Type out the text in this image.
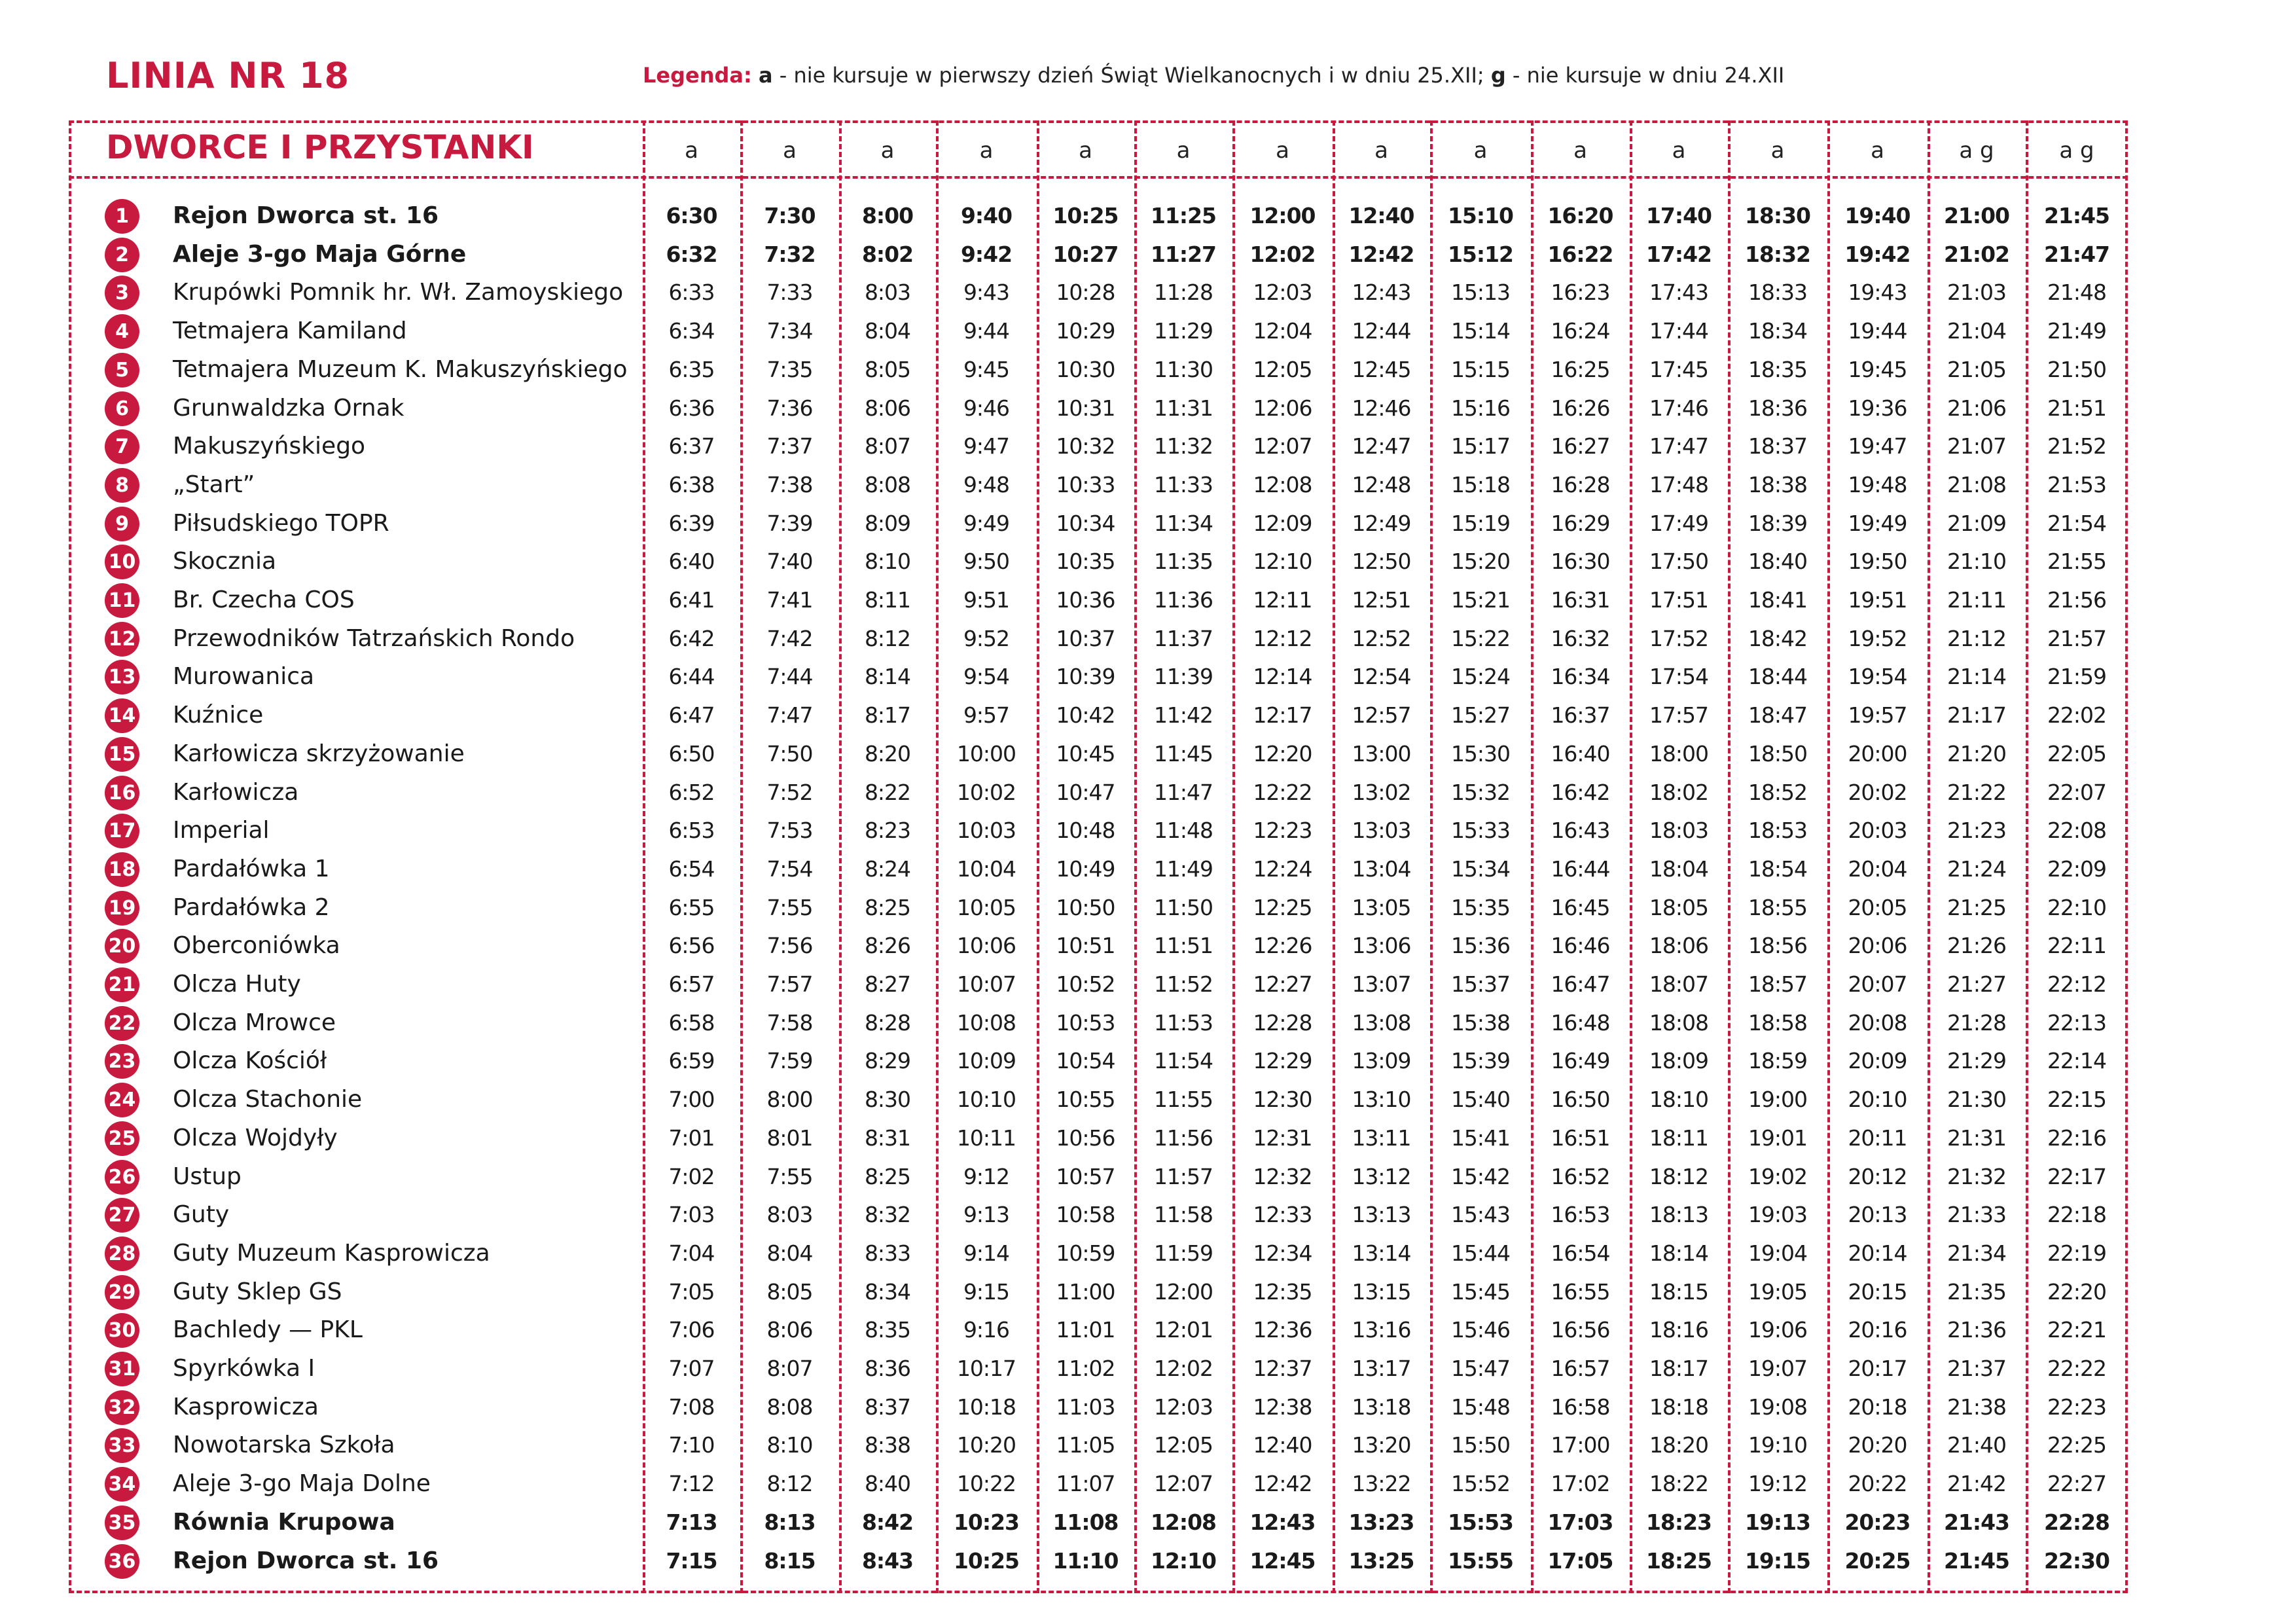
LINIA NR 18	Legenda: a - nie kursuje w pierwszy dzień Świąt Wielkanocnych i w dniu 25.XII; g - nie kursuje w dniu 24.XII
DWORCE I PRZYSTANKI	a	a	a	a	a	a	a	a	a	a	a	a	a	a g	a g
1	Rejon Dworca st. 16	6:30	7:30	8:00	9:40	10:25	11:25	12:00	12:40	15:10	16:20	17:40	18:30	19:40	21:00	21:45
2	Aleje 3-go Maja Górne	6:32	7:32	8:02	9:42	10:27	11:27	12:02	12:42	15:12	16:22	17:42	18:32	19:42	21:02	21:47
3	Krupówki Pomnik hr. Wł. Zamoyskiego	6:33	7:33	8:03	9:43	10:28	11:28	12:03	12:43	15:13	16:23	17:43	18:33	19:43	21:03	21:48
4	Tetmajera Kamiland	6:34	7:34	8:04	9:44	10:29	11:29	12:04	12:44	15:14	16:24	17:44	18:34	19:44	21:04	21:49
5	Tetmajera Muzeum K. Makuszyńskiego	6:35	7:35	8:05	9:45	10:30	11:30	12:05	12:45	15:15	16:25	17:45	18:35	19:45	21:05	21:50
6	Grunwaldzka Ornak	6:36	7:36	8:06	9:46	10:31	11:31	12:06	12:46	15:16	16:26	17:46	18:36	19:36	21:06	21:51
7	Makuszyńskiego	6:37	7:37	8:07	9:47	10:32	11:32	12:07	12:47	15:17	16:27	17:47	18:37	19:47	21:07	21:52
8	„Start”	6:38	7:38	8:08	9:48	10:33	11:33	12:08	12:48	15:18	16:28	17:48	18:38	19:48	21:08	21:53
9	Piłsudskiego TOPR	6:39	7:39	8:09	9:49	10:34	11:34	12:09	12:49	15:19	16:29	17:49	18:39	19:49	21:09	21:54
10 Skocznia	6:40	7:40	8:10	9:50	10:35	11:35	12:10	12:50	15:20	16:30	17:50	18:40	19:50	21:10	21:55
11 Br. Czecha COS	6:41	7:41	8:11	9:51	10:36	11:36	12:11	12:51	15:21	16:31	17:51	18:41	19:51	21:11	21:56
12 Przewodników Tatrzańskich Rondo	6:42	7:42	8:12	9:52	10:37	11:37	12:12	12:52	15:22	16:32	17:52	18:42	19:52	21:12	21:57
13 Murowanica	6:44	7:44	8:14	9:54	10:39	11:39	12:14	12:54	15:24	16:34	17:54	18:44	19:54	21:14	21:59
14 Kuźnice	6:47	7:47	8:17	9:57	10:42	11:42	12:17	12:57	15:27	16:37	17:57	18:47	19:57	21:17	22:02
15 Karłowicza skrzyżowanie	6:50	7:50	8:20	10:00	10:45	11:45	12:20	13:00	15:30	16:40	18:00	18:50	20:00	21:20	22:05
16 Karłowicza	6:52	7:52	8:22	10:02	10:47	11:47	12:22	13:02	15:32	16:42	18:02	18:52	20:02	21:22	22:07
17 Imperial	6:53	7:53	8:23	10:03	10:48	11:48	12:23	13:03	15:33	16:43	18:03	18:53	20:03	21:23	22:08
18 Pardałówka 1	6:54	7:54	8:24	10:04	10:49	11:49	12:24	13:04	15:34	16:44	18:04	18:54	20:04	21:24	22:09
19 Pardałówka 2	6:55	7:55	8:25	10:05	10:50	11:50	12:25	13:05	15:35	16:45	18:05	18:55	20:05	21:25	22:10
20 Oberconiówka	6:56	7:56	8:26	10:06	10:51	11:51	12:26	13:06	15:36	16:46	18:06	18:56	20:06	21:26	22:11
21 Olcza Huty	6:57	7:57	8:27	10:07	10:52	11:52	12:27	13:07	15:37	16:47	18:07	18:57	20:07	21:27	22:12
22 Olcza Mrowce	6:58	7:58	8:28	10:08	10:53	11:53	12:28	13:08	15:38	16:48	18:08	18:58	20:08	21:28	22:13
23 Olcza Kościół	6:59	7:59	8:29	10:09	10:54	11:54	12:29	13:09	15:39	16:49	18:09	18:59	20:09	21:29	22:14
24 Olcza Stachonie	7:00	8:00	8:30	10:10	10:55	11:55	12:30	13:10	15:40	16:50	18:10	19:00	20:10	21:30	22:15
25 Olcza Wojdyły	7:01	8:01	8:31	10:11	10:56	11:56	12:31	13:11	15:41	16:51	18:11	19:01	20:11	21:31	22:16
26 Ustup	7:02	7:55	8:25	9:12	10:57	11:57	12:32	13:12	15:42	16:52	18:12	19:02	20:12	21:32	22:17
27 Guty	7:03	8:03	8:32	9:13	10:58	11:58	12:33	13:13	15:43	16:53	18:13	19:03	20:13	21:33	22:18
28 Guty Muzeum Kasprowicza	7:04	8:04	8:33	9:14	10:59	11:59	12:34	13:14	15:44	16:54	18:14	19:04	20:14	21:34	22:19
29 Guty Sklep GS	7:05	8:05	8:34	9:15	11:00	12:00	12:35	13:15	15:45	16:55	18:15	19:05	20:15	21:35	22:20
30 Bachledy — PKL	7:06	8:06	8:35	9:16	11:01	12:01	12:36	13:16	15:46	16:56	18:16	19:06	20:16	21:36	22:21
31 Spyrkówka I	7:07	8:07	8:36	10:17	11:02	12:02	12:37	13:17	15:47	16:57	18:17	19:07	20:17	21:37	22:22
32 Kasprowicza	7:08	8:08	8:37	10:18	11:03	12:03	12:38	13:18	15:48	16:58	18:18	19:08	20:18	21:38	22:23
33 Nowotarska Szkoła	7:10	8:10	8:38	10:20	11:05	12:05	12:40	13:20	15:50	17:00	18:20	19:10	20:20	21:40	22:25
34 Aleje 3-go Maja Dolne	7:12	8:12	8:40	10:22	11:07	12:07	12:42	13:22	15:52	17:02	18:22	19:12	20:22	21:42	22:27
35 Równia Krupowa	7:13	8:13	8:42	10:23	11:08	12:08	12:43	13:23	15:53	17:03	18:23	19:13	20:23	21:43	22:28
36 Rejon Dworca st. 16	7:15	8:15	8:43	10:25	11:10	12:10	12:45	13:25	15:55	17:05	18:25	19:15	20:25	21:45	22:30
